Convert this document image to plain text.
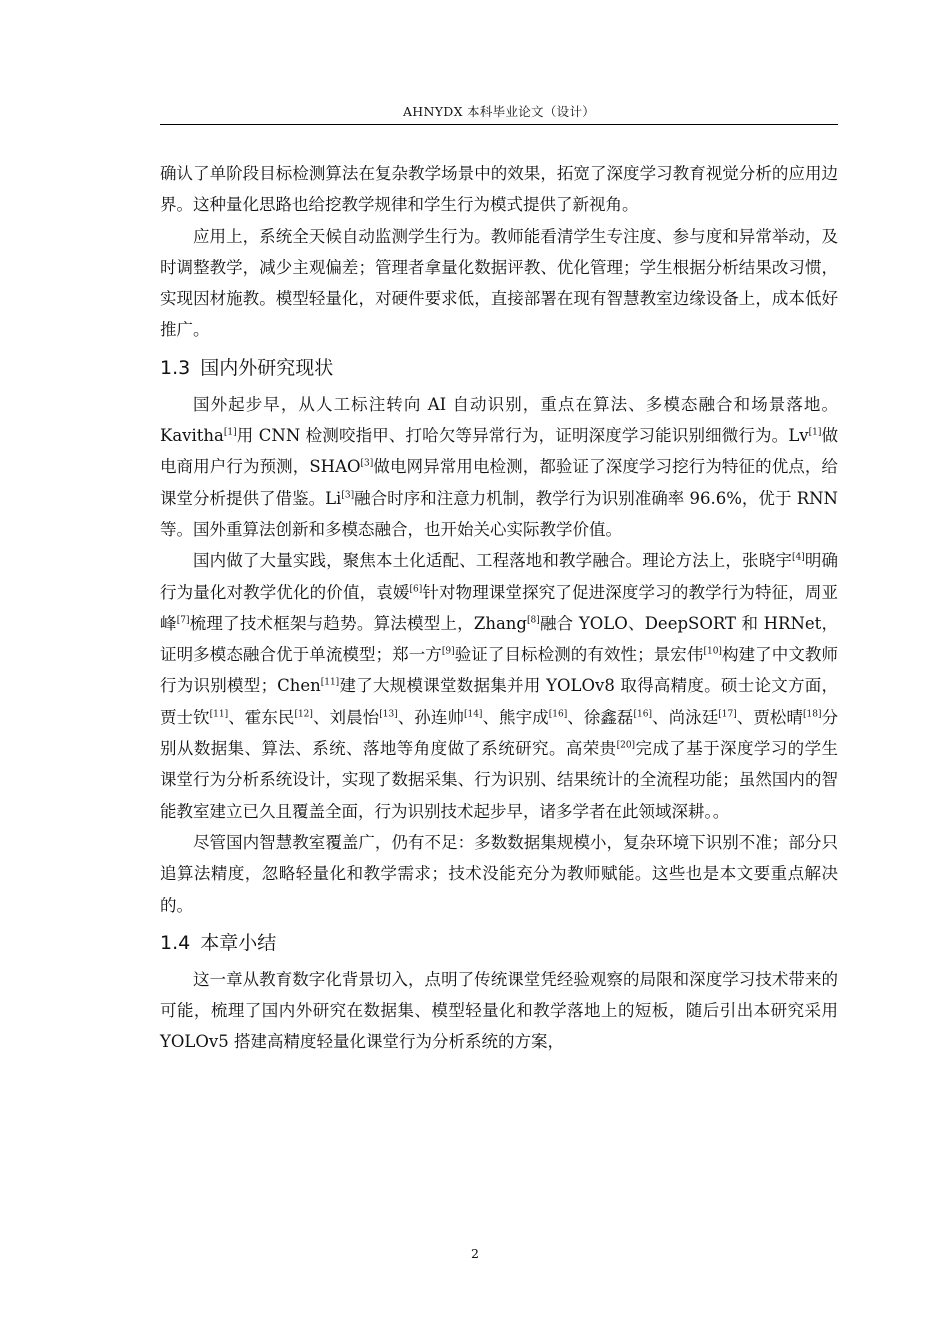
AHNYDX 本科毕业论文（设计）

确认了单阶段目标检测算法在复杂教学场景中的效果，拓宽了深度学习教育视觉分析的应用边界。这种量化思路也给挖教学规律和学生行为模式提供了新视角。

应用上，系统全天候自动监测学生行为。教师能看清学生专注度、参与度和异常举动，及时调整教学，减少主观偏差；管理者拿量化数据评教、优化管理；学生根据分析结果改习惯，实现因材施教。模型轻量化，对硬件要求低，直接部署在现有智慧教室边缘设备上，成本低好推广。

1.3 国内外研究现状

国外起步早，从人工标注转向 AI 自动识别，重点在算法、多模态融合和场景落地。Kavitha[1]用 CNN 检测咬指甲、打哈欠等异常行为，证明深度学习能识别细微行为。Lv[1]做电商用户行为预测，SHAO[3]做电网异常用电检测，都验证了深度学习挖行为特征的优点，给课堂分析提供了借鉴。Li[3]融合时序和注意力机制，教学行为识别准确率 96.6%，优于 RNN 等。国外重算法创新和多模态融合，也开始关心实际教学价值。

国内做了大量实践，聚焦本土化适配、工程落地和教学融合。理论方法上，张晓宇[4]明确行为量化对教学优化的价值，袁媛[6]针对物理课堂探究了促进深度学习的教学行为特征，周亚峰[7]梳理了技术框架与趋势。算法模型上，Zhang[8]融合 YOLO、DeepSORT 和 HRNet，证明多模态融合优于单流模型；郑一方[9]验证了目标检测的有效性；景宏伟[10]构建了中文教师行为识别模型；Chen[11]建了大规模课堂数据集并用 YOLOv8 取得高精度。硕士论文方面，贾士钦[11]、霍东民[12]、刘晨怡[13]、孙连帅[14]、熊宇成[16]、徐鑫磊[16]、尚泳廷[17]、贾松晴[18]分别从数据集、算法、系统、落地等角度做了系统研究。高荣贵[20]完成了基于深度学习的学生课堂行为分析系统设计，实现了数据采集、行为识别、结果统计的全流程功能；虽然国内的智能教室建立已久且覆盖全面，行为识别技术起步早，诸多学者在此领域深耕。。

尽管国内智慧教室覆盖广，仍有不足：多数数据集规模小，复杂环境下识别不准；部分只追算法精度，忽略轻量化和教学需求；技术没能充分为教师赋能。这些也是本文要重点解决的。

1.4 本章小结

这一章从教育数字化背景切入，点明了传统课堂凭经验观察的局限和深度学习技术带来的可能，梳理了国内外研究在数据集、模型轻量化和教学落地上的短板，随后引出本研究采用 YOLOv5 搭建高精度轻量化课堂行为分析系统的方案，

2
